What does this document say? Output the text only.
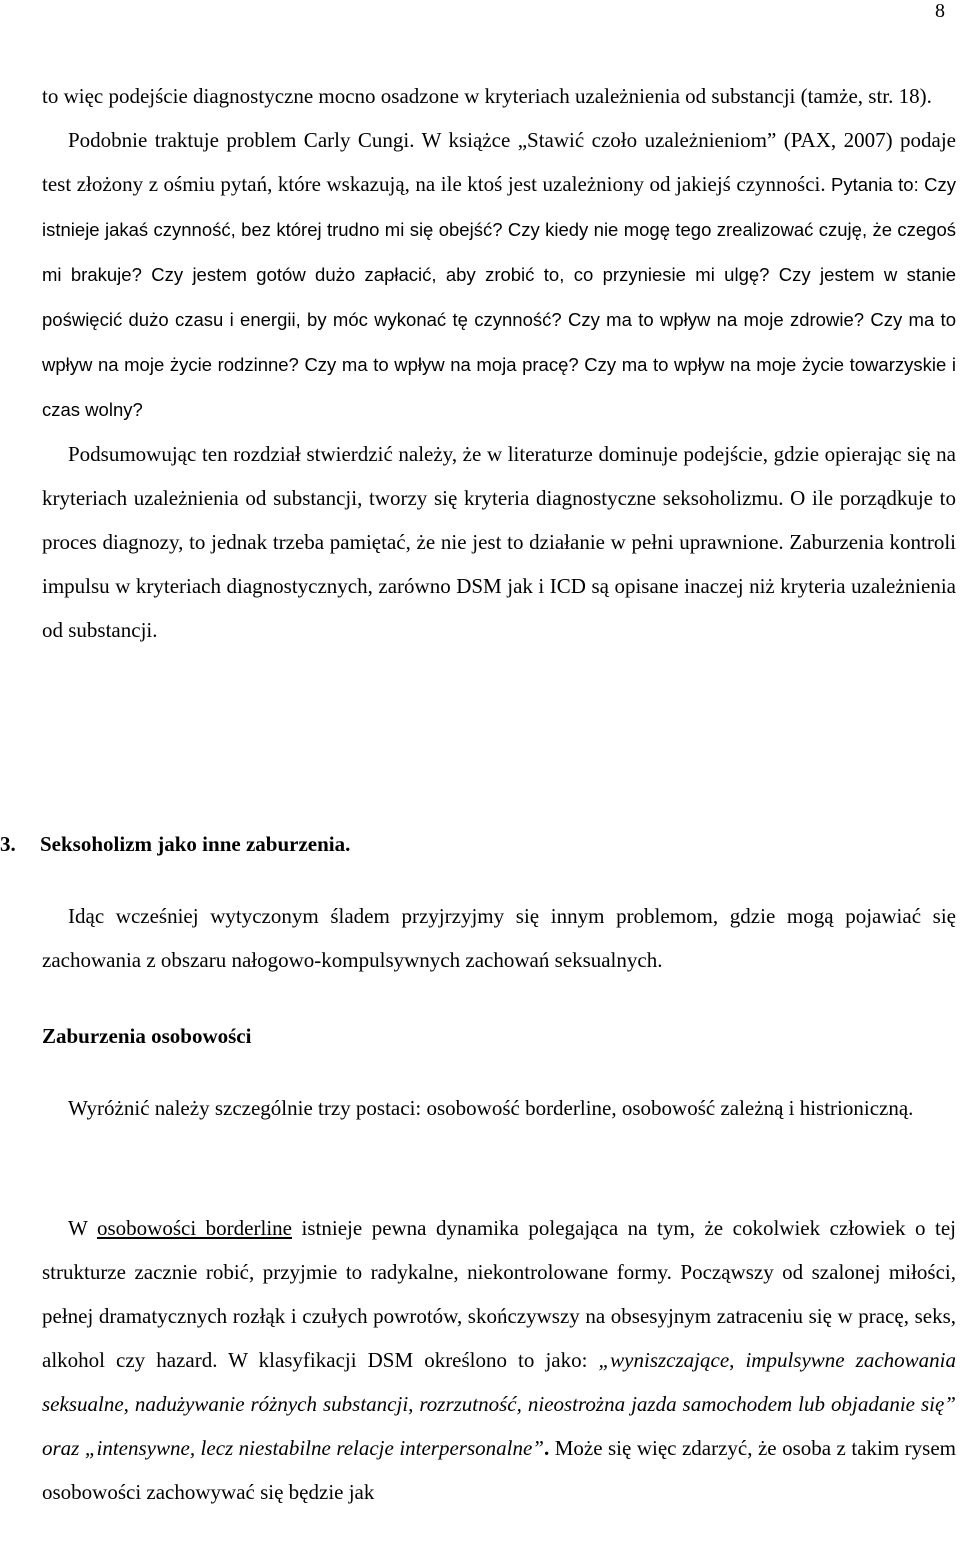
8
to więc podejście diagnostyczne mocno osadzone w kryteriach uzależnienia od substancji (tamże, str. 18).
Podobnie traktuje problem Carly Cungi. W książce „Stawić czoło uzależnieniom” (PAX, 2007) podaje test złożony z ośmiu pytań, które wskazują, na ile ktoś jest uzależniony od jakiejś czynności. Pytania to: Czy istnieje jakaś czynność, bez której trudno mi się obejść? Czy kiedy nie mogę tego zrealizować czuję, że czegoś mi brakuje? Czy jestem gotów dużo zapłacić, aby zrobić to, co przyniesie mi ulgę? Czy jestem w stanie poświęcić dużo czasu i energii, by móc wykonać tę czynność? Czy ma to wpływ na moje zdrowie? Czy ma to wpływ na moje życie rodzinne? Czy ma to wpływ na moja pracę? Czy ma to wpływ na moje życie towarzyskie i czas wolny?
Podsumowując ten rozdział stwierdzić należy, że w literaturze dominuje podejście, gdzie opierając się na kryteriach uzależnienia od substancji, tworzy się kryteria diagnostyczne seksoholizmu. O ile porządkuje to proces diagnozy, to jednak trzeba pamiętać, że nie jest to działanie w pełni uprawnione. Zaburzenia kontroli impulsu w kryteriach diagnostycznych, zarówno DSM jak i ICD są opisane inaczej niż kryteria uzależnienia od substancji.
3. Seksoholizm jako inne zaburzenia.
Idąc wcześniej wytyczonym śladem przyjrzyjmy się innym problemom, gdzie mogą pojawiać się zachowania z obszaru nałogowo-kompulsywnych zachowań seksualnych.
Zaburzenia osobowości
Wyróżnić należy szczególnie trzy postaci: osobowość borderline, osobowość zależną i histrioniczną.
W osobowości borderline istnieje pewna dynamika polegająca na tym, że cokolwiek człowiek o tej strukturze zacznie robić, przyjmie to radykalne, niekontrolowane formy. Począwszy od szalonej miłości, pełnej dramatycznych rozłąk i czułych powrotów, skończywszy na obsesyjnym zatraceniu się w pracę, seks, alkohol czy hazard. W klasyfikacji DSM określono to jako: „wyniszczające, impulsywne zachowania seksualne, nadużywanie różnych substancji, rozrzutność, nieostrożna jazda samochodem lub objadanie się” oraz „intensywne, lecz niestabilne relacje interpersonalne”. Może się więc zdarzyć, że osoba z takim rysem osobowości zachowywać się będzie jak
